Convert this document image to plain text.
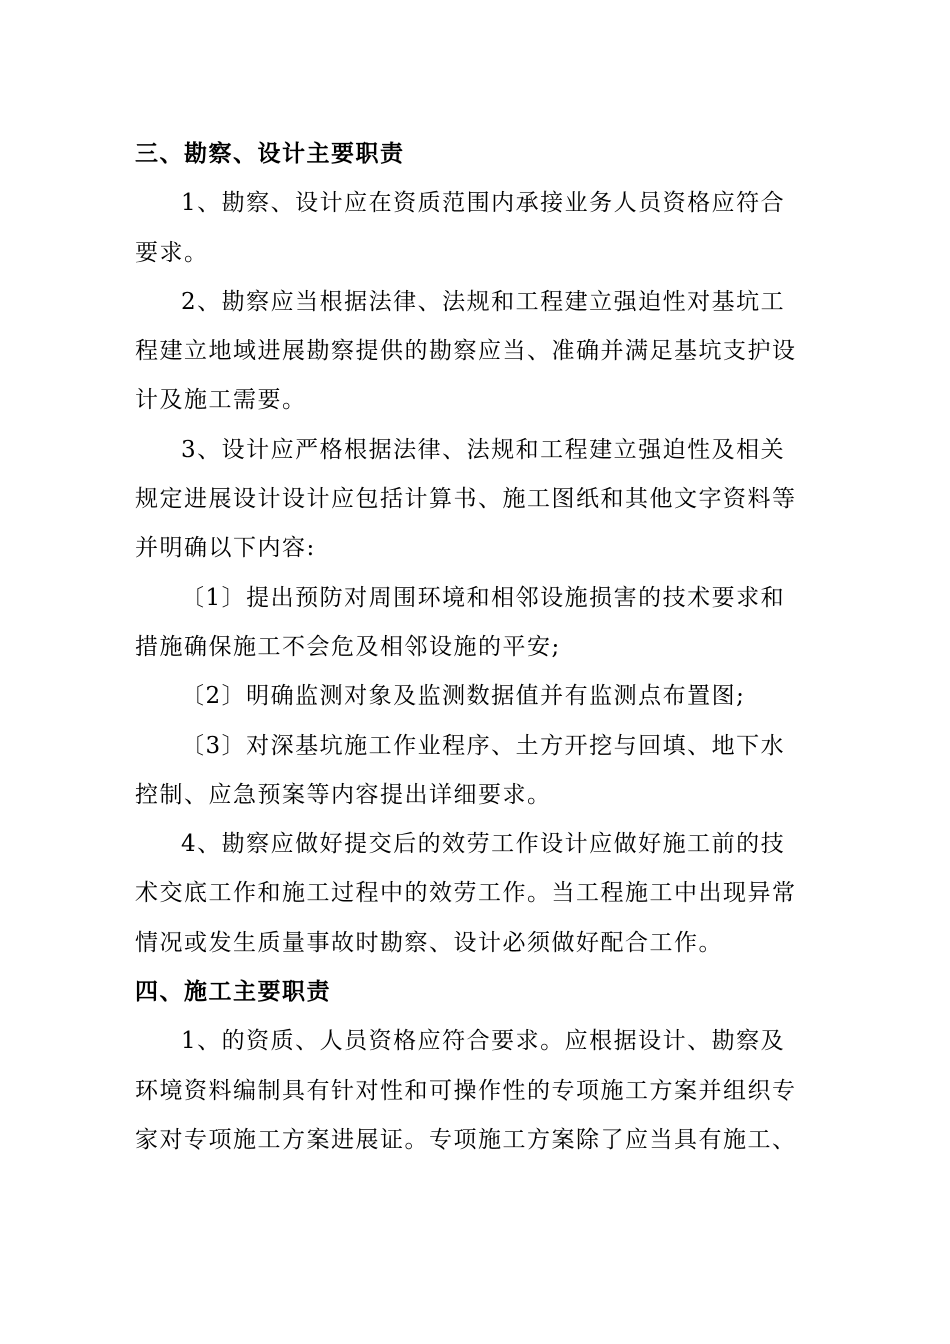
三、勘察、设计主要职责
1、勘察、设计应在资质范围内承接业务人员资格应符合
要求。
2、勘察应当根据法律、法规和工程建立强迫性对基坑工
程建立地域进展勘察提供的勘察应当、准确并满足基坑支护设
计及施工需要。
3、设计应严格根据法律、法规和工程建立强迫性及相关
规定进展设计设计应包括计算书、施工图纸和其他文字资料等
并明确以下内容:
〔1〕提出预防对周围环境和相邻设施损害的技术要求和
措施确保施工不会危及相邻设施的平安;
〔2〕明确监测对象及监测数据值并有监测点布置图;
〔3〕对深基坑施工作业程序、土方开挖与回填、地下水
控制、应急预案等内容提出详细要求。
4、勘察应做好提交后的效劳工作设计应做好施工前的技
术交底工作和施工过程中的效劳工作。当工程施工中出现异常
情况或发生质量事故时勘察、设计必须做好配合工作。
四、施工主要职责
1、的资质、人员资格应符合要求。应根据设计、勘察及
环境资料编制具有针对性和可操作性的专项施工方案并组织专
家对专项施工方案进展证。专项施工方案除了应当具有施工、
